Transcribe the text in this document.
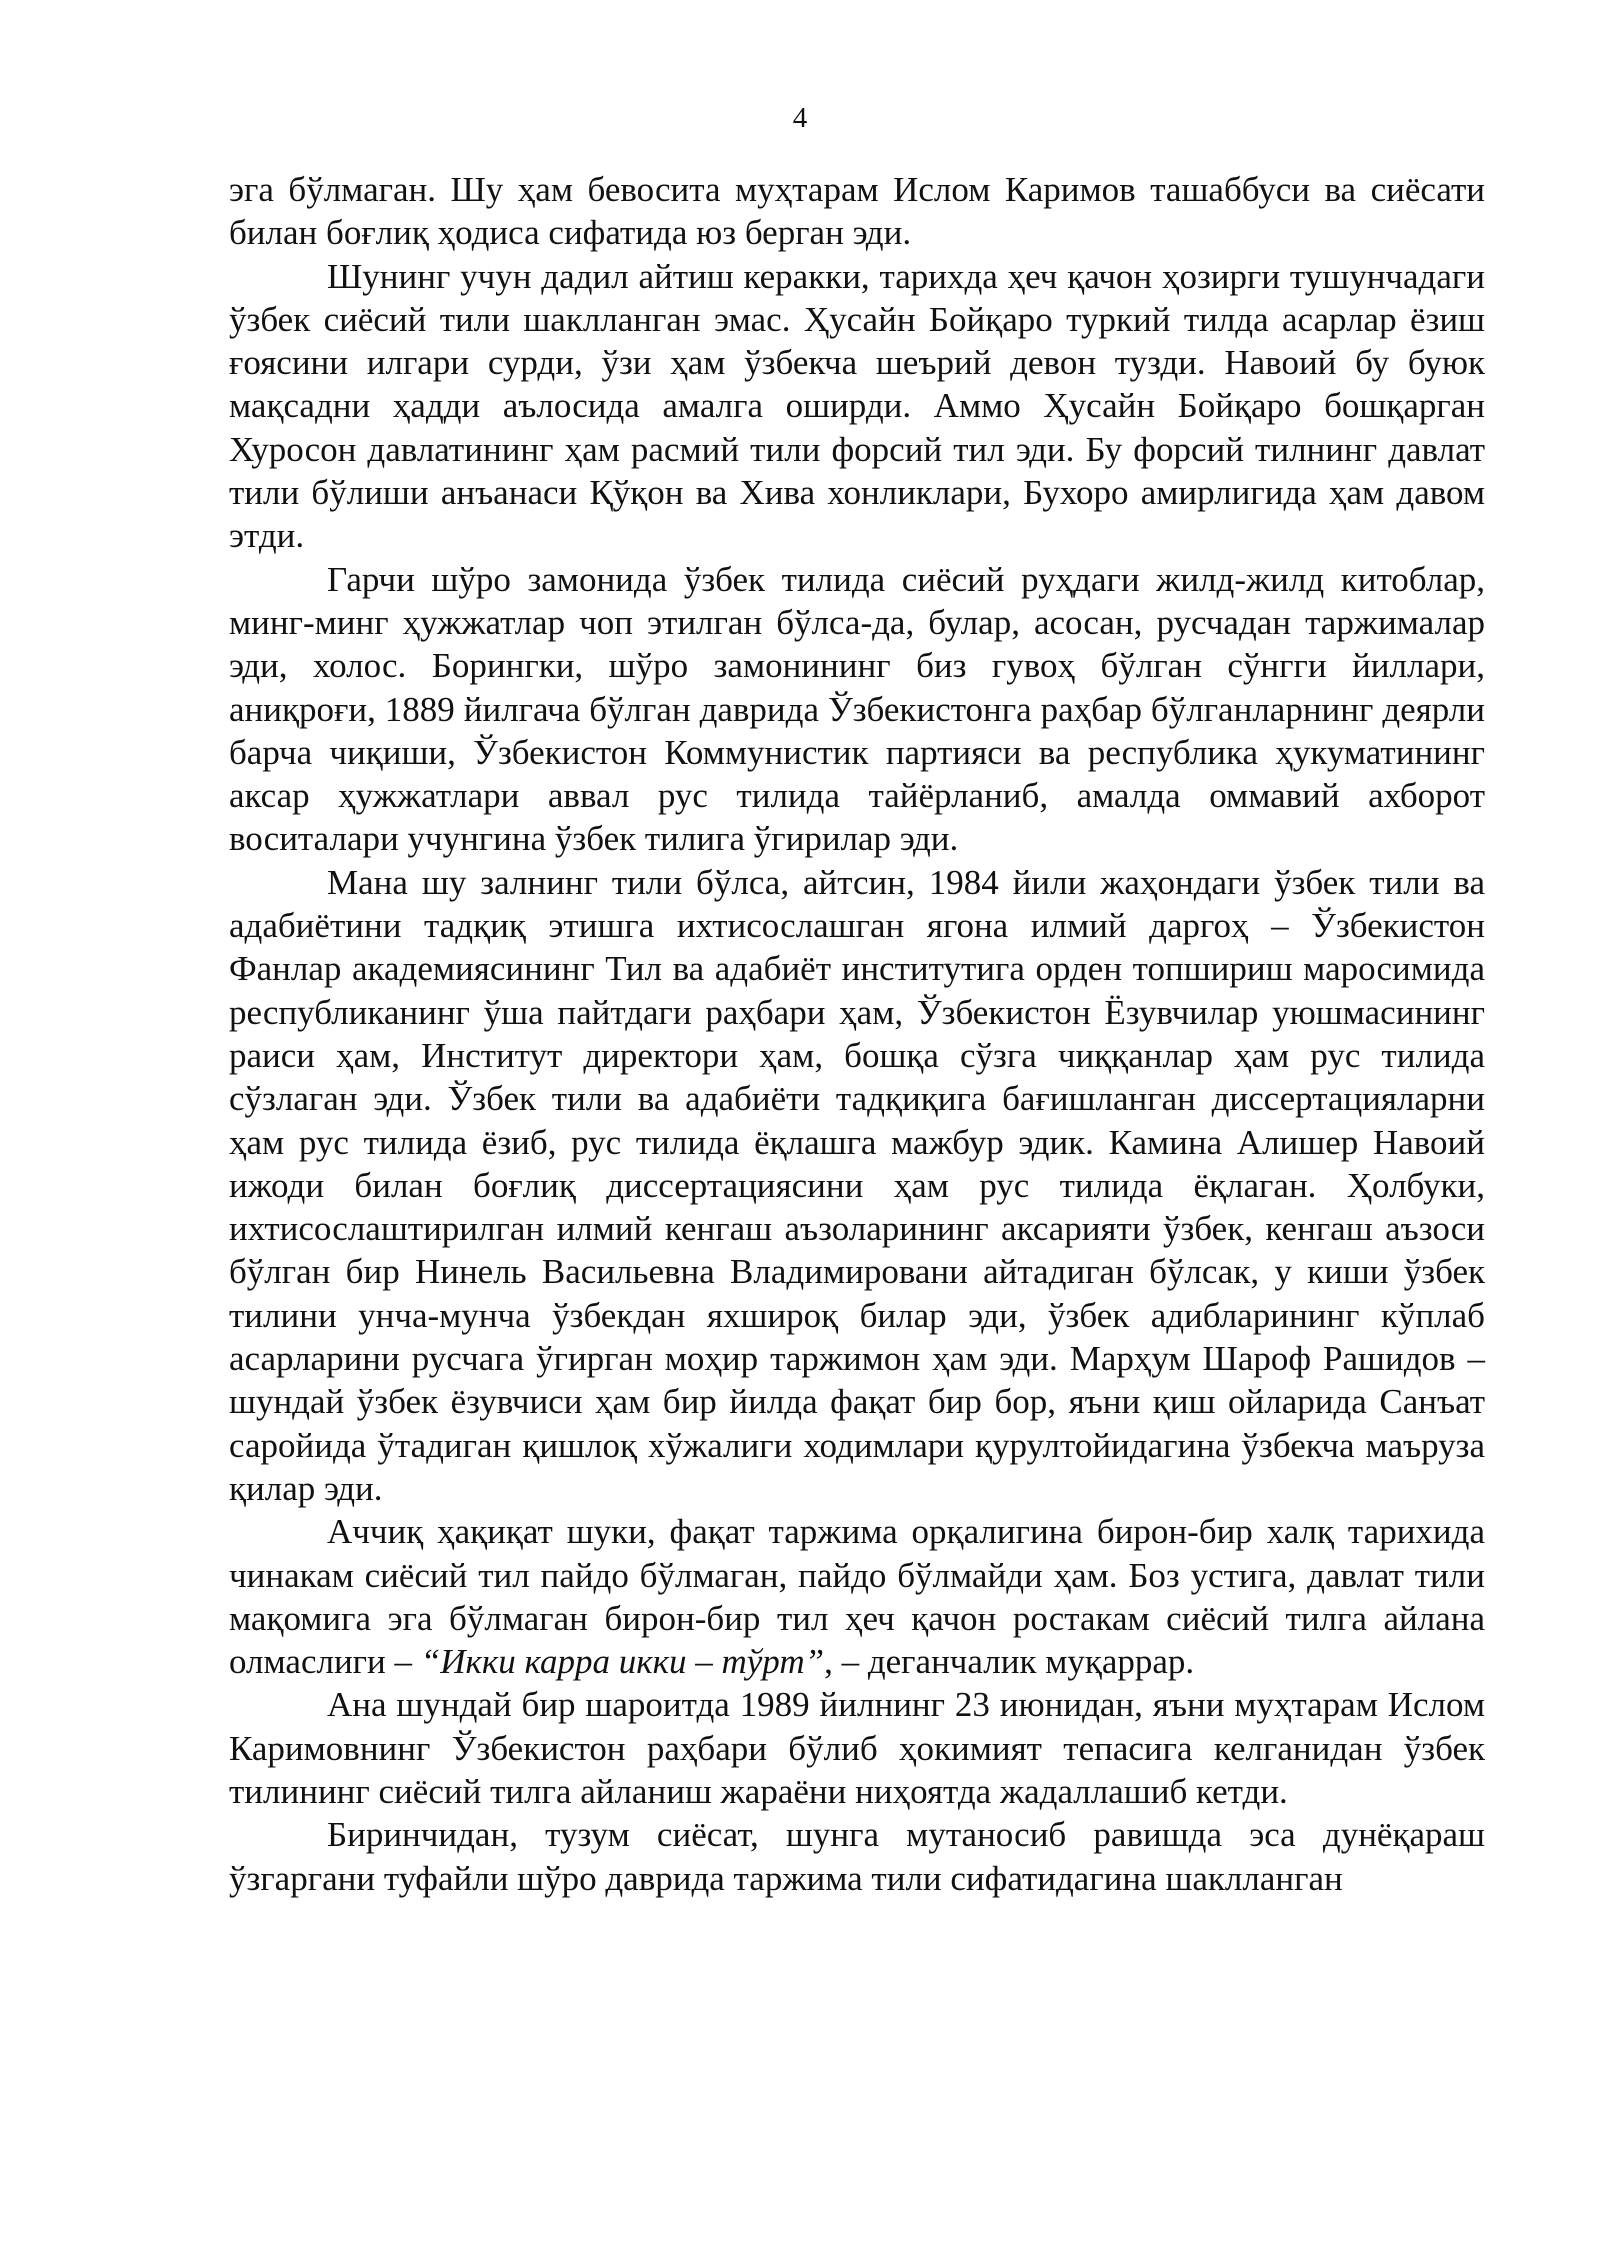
4

эга бўлмаган. Шу ҳам бевосита муҳтарам Ислом Каримов ташаббуси ва сиёсати билан боғлиқ ҳодиса сифатида юз берган эди.

Шунинг учун дадил айтиш керакки, тарихда ҳеч қачон ҳозирги тушунчадаги ўзбек сиёсий тили шаклланган эмас. Ҳусайн Бойқаро туркий тилда асарлар ёзиш ғоясини илгари сурди, ўзи ҳам ўзбекча шеърий девон тузди. Навоий бу буюк мақсадни ҳадди аълосида амалга оширди. Аммо Ҳусайн Бойқаро бошқарган Хуросон давлатининг ҳам расмий тили форсий тил эди. Бу форсий тилнинг давлат тили бўлиши анъанаси Қўқон ва Хива хонликлари, Бухоро амирлигида ҳам давом этди.

Гарчи шўро замонида ўзбек тилида сиёсий руҳдаги жилд-жилд китоблар, минг-минг ҳужжатлар чоп этилган бўлса-да, булар, асосан, русчадан таржималар эди, холос. Борингки, шўро замонининг биз гувоҳ бўлган сўнгги йиллари, аниқроғи, 1889 йилгача бўлган даврида Ўзбекистонга раҳбар бўлганларнинг деярли барча чиқиши, Ўзбекистон Коммунистик партияси ва республика ҳукуматининг аксар ҳужжатлари аввал рус тилида тайёрланиб, амалда оммавий ахборот воситалари учунгина ўзбек тилига ўгирилар эди.

Мана шу залнинг тили бўлса, айтсин, 1984 йили жаҳондаги ўзбек тили ва адабиётини тадқиқ этишга ихтисослашган ягона илмий даргоҳ – Ўзбекистон Фанлар академиясининг Тил ва адабиёт институтига орден топшириш маросимида республиканинг ўша пайтдаги раҳбари ҳам, Ўзбекистон Ёзувчилар уюшмасининг раиси ҳам, Институт директори ҳам, бошқа сўзга чиққанлар ҳам рус тилида сўзлаган эди. Ўзбек тили ва адабиёти тадқиқига бағишланган диссертацияларни ҳам рус тилида ёзиб, рус тилида ёқлашга мажбур эдик. Камина Алишер Навоий ижоди билан боғлиқ диссертациясини ҳам рус тилида ёқлаган. Ҳолбуки, ихтисослаштирилган илмий кенгаш аъзоларининг аксарияти ўзбек, кенгаш аъзоси бўлган бир Нинель Васильевна Владимировани айтадиган бўлсак, у киши ўзбек тилини унча-мунча ўзбекдан яхшироқ билар эди, ўзбек адибларининг кўплаб асарларини русчага ўгирган моҳир таржимон ҳам эди. Марҳум Шароф Рашидов – шундай ўзбек ёзувчиси ҳам бир йилда фақат бир бор, яъни қиш ойларида Санъат саройида ўтадиган қишлоқ хўжалиги ходимлари қурултойидагина ўзбекча маъруза қилар эди.

Аччиқ ҳақиқат шуки, фақат таржима орқалигина бирон-бир халқ тарихида чинакам сиёсий тил пайдо бўлмаган, пайдо бўлмайди ҳам. Боз устига, давлат тили мақомига эга бўлмаган бирон-бир тил ҳеч қачон ростакам сиёсий тилга айлана олмаслиги – “Икки карра икки – тўрт”, – деганчалик муқаррар.

Ана шундай бир шароитда 1989 йилнинг 23 июнидан, яъни муҳтарам Ислом Каримовнинг Ўзбекистон раҳбари бўлиб ҳокимият тепасига келганидан ўзбек тилининг сиёсий тилга айланиш жараёни ниҳоятда жадаллашиб кетди.

Биринчидан, тузум сиёсат, шунга мутаносиб равишда эса дунёқараш ўзгаргани туфайли шўро даврида таржима тили сифатидагина шаклланган
